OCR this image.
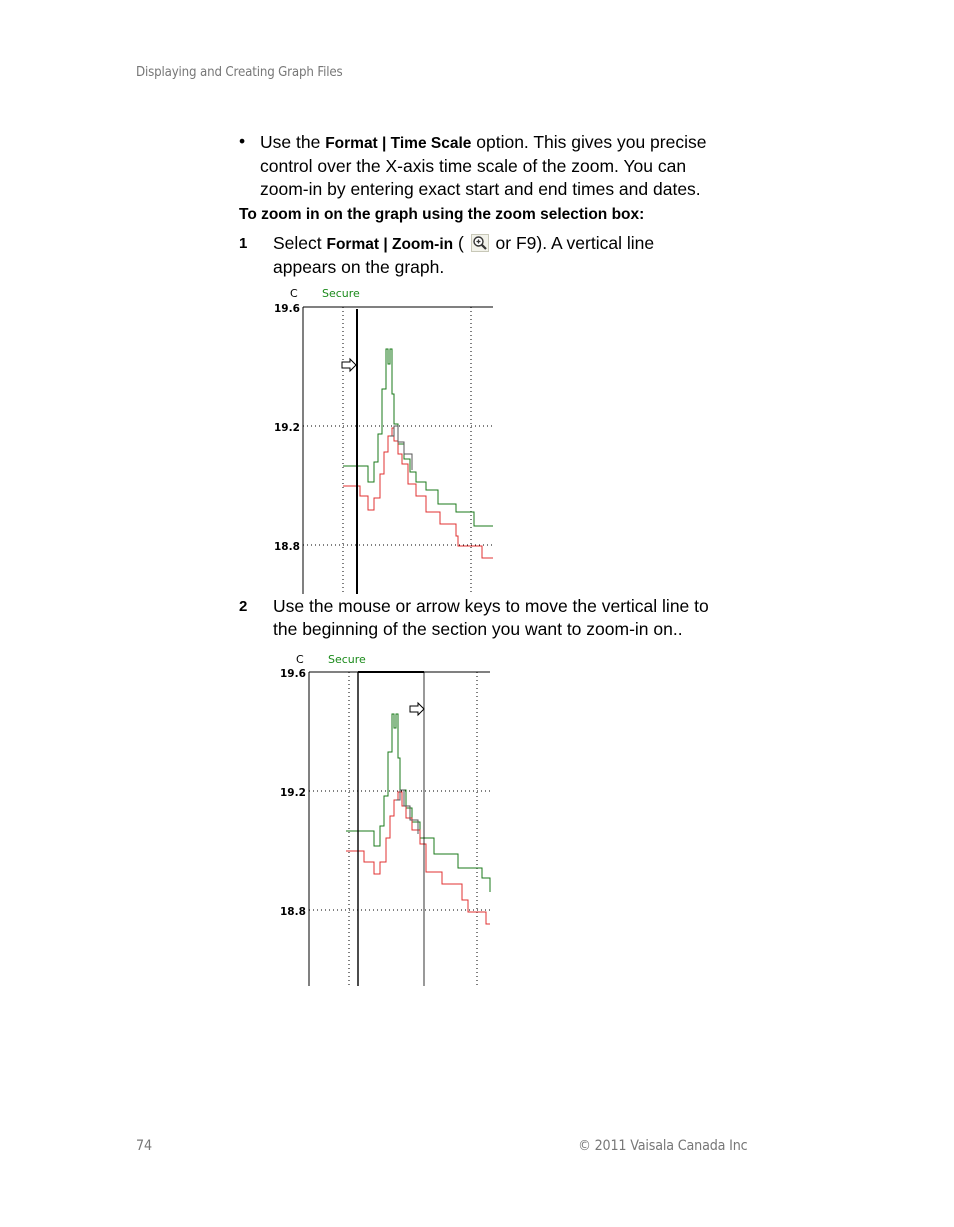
Displaying and Creating Graph Files
• Use the Format | Time Scale option. This gives you precise
control over the X-axis time scale of the zoom. You can
zoom-in by entering exact start and end times and dates.
To zoom in on the graph using the zoom selection box:
1 Select Format | Zoom-in (  or F9). A vertical line
appears on the graph.
C Secure
19.6
19.2
18.8
2 Use the mouse or arrow keys to move the vertical line to
the beginning of the section you want to zoom-in on..
C Secure
19.6
19.2
18.8
74	© 2011 Vaisala Canada Inc
